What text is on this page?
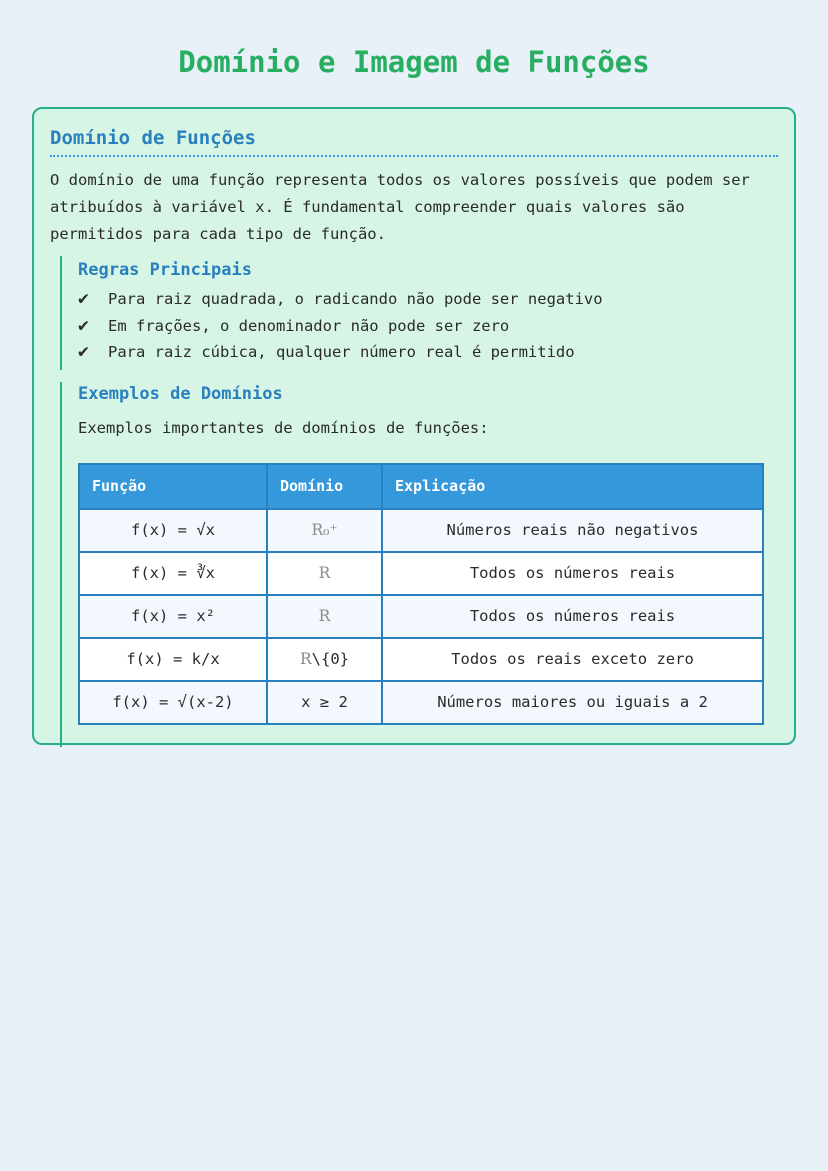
Domínio e Imagem de Funções
Domínio de Funções

O domínio de uma função representa todos os valores possíveis que podem ser atribuídos à variável x. É fundamental compreender quais valores são permitidos para cada tipo de função.

Regras Principais
✔	Para raiz quadrada, o radicando não pode ser negativo
✔	Em frações, o denominador não pode ser zero
✔	Para raiz cúbica, qualquer número real é permitido
Exemplos de Domínios

Exemplos importantes de domínios de funções:

Função	Domínio	Explicação
f(x) = √x	R₀⁺	Números reais não negativos
f(x) = ∛x	R	Todos os números reais
f(x) = x²	R	Todos os números reais
f(x) = k/x	R\{0}	Todos os reais exceto zero
f(x) = √(x-2)	x ≥ 2	Números maiores ou iguais a 2
